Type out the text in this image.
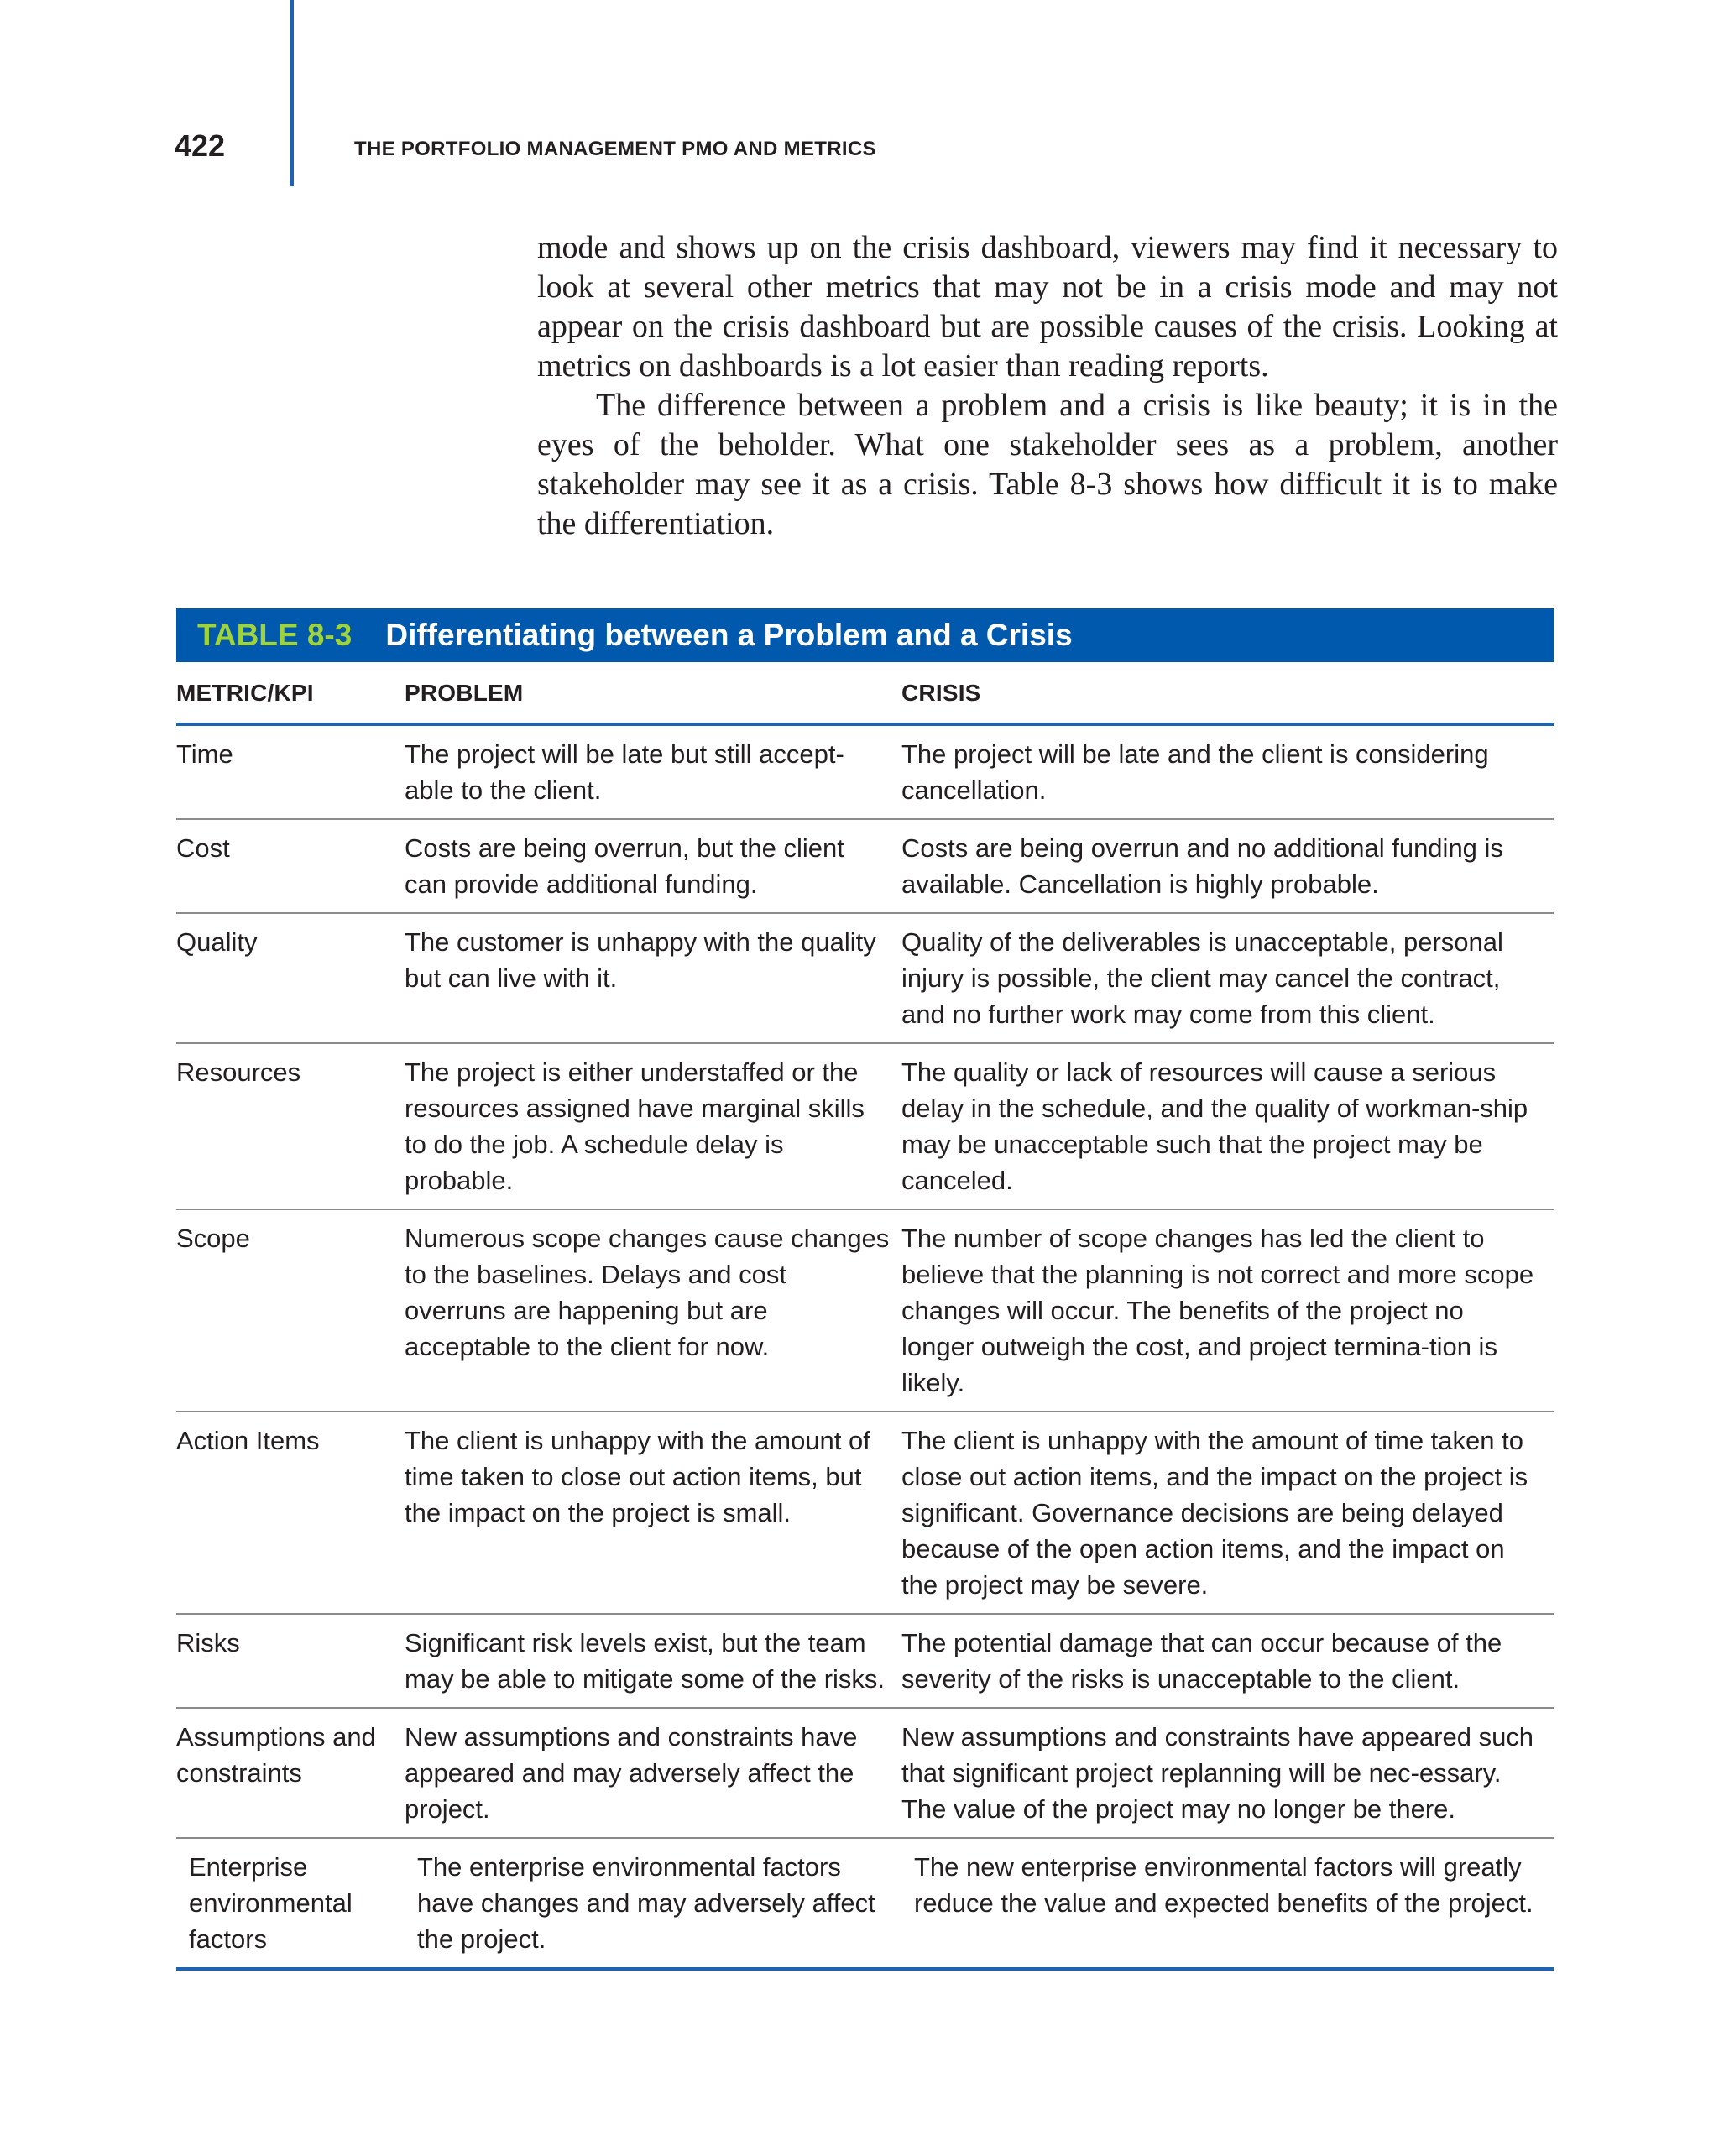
422	THE PORTFOLIO MANAGEMENT PMO AND METRICS

mode and shows up on the crisis dashboard, viewers may find it necessary to look at several other metrics that may not be in a crisis mode and may not appear on the crisis dashboard but are possible causes of the crisis. Looking at metrics on dashboards is a lot easier than reading reports.

The difference between a problem and a crisis is like beauty; it is in the eyes of the beholder. What one stakeholder sees as a problem, another stakeholder may see it as a crisis. Table 8-3 shows how difficult it is to make the differentiation.

TABLE 8-3 Differentiating between a Problem and a Crisis
METRIC/KPI	PROBLEM	CRISIS
Time	The project will be late but still accept-able to the client.	The project will be late and the client is considering cancellation.
Cost	Costs are being overrun, but the client can provide additional funding.	Costs are being overrun and no additional funding is available. Cancellation is highly probable.
Quality	The customer is unhappy with the quality but can live with it.	Quality of the deliverables is unacceptable, personal injury is possible, the client may cancel the contract, and no further work may come from this client.
Resources	The project is either understaffed or the resources assigned have marginal skills to do the job. A schedule delay is probable.	The quality or lack of resources will cause a serious delay in the schedule, and the quality of workman-ship may be unacceptable such that the project may be canceled.
Scope	Numerous scope changes cause changes to the baselines. Delays and cost overruns are happening but are acceptable to the client for now.	The number of scope changes has led the client to believe that the planning is not correct and more scope changes will occur. The benefits of the project no longer outweigh the cost, and project termina-tion is likely.
Action Items	The client is unhappy with the amount of time taken to close out action items, but the impact on the project is small.	The client is unhappy with the amount of time taken to close out action items, and the impact on the project is significant. Governance decisions are being delayed because of the open action items, and the impact on the project may be severe.
Risks	Significant risk levels exist, but the team may be able to mitigate some of the risks.	The potential damage that can occur because of the severity of the risks is unacceptable to the client.
Assumptions and constraints	New assumptions and constraints have appeared and may adversely affect the project.	New assumptions and constraints have appeared such that significant project replanning will be nec-essary. The value of the project may no longer be there.
Enterprise environmental factors	The enterprise environmental factors have changes and may adversely affect the project.	The new enterprise environmental factors will greatly reduce the value and expected benefits of the project.
